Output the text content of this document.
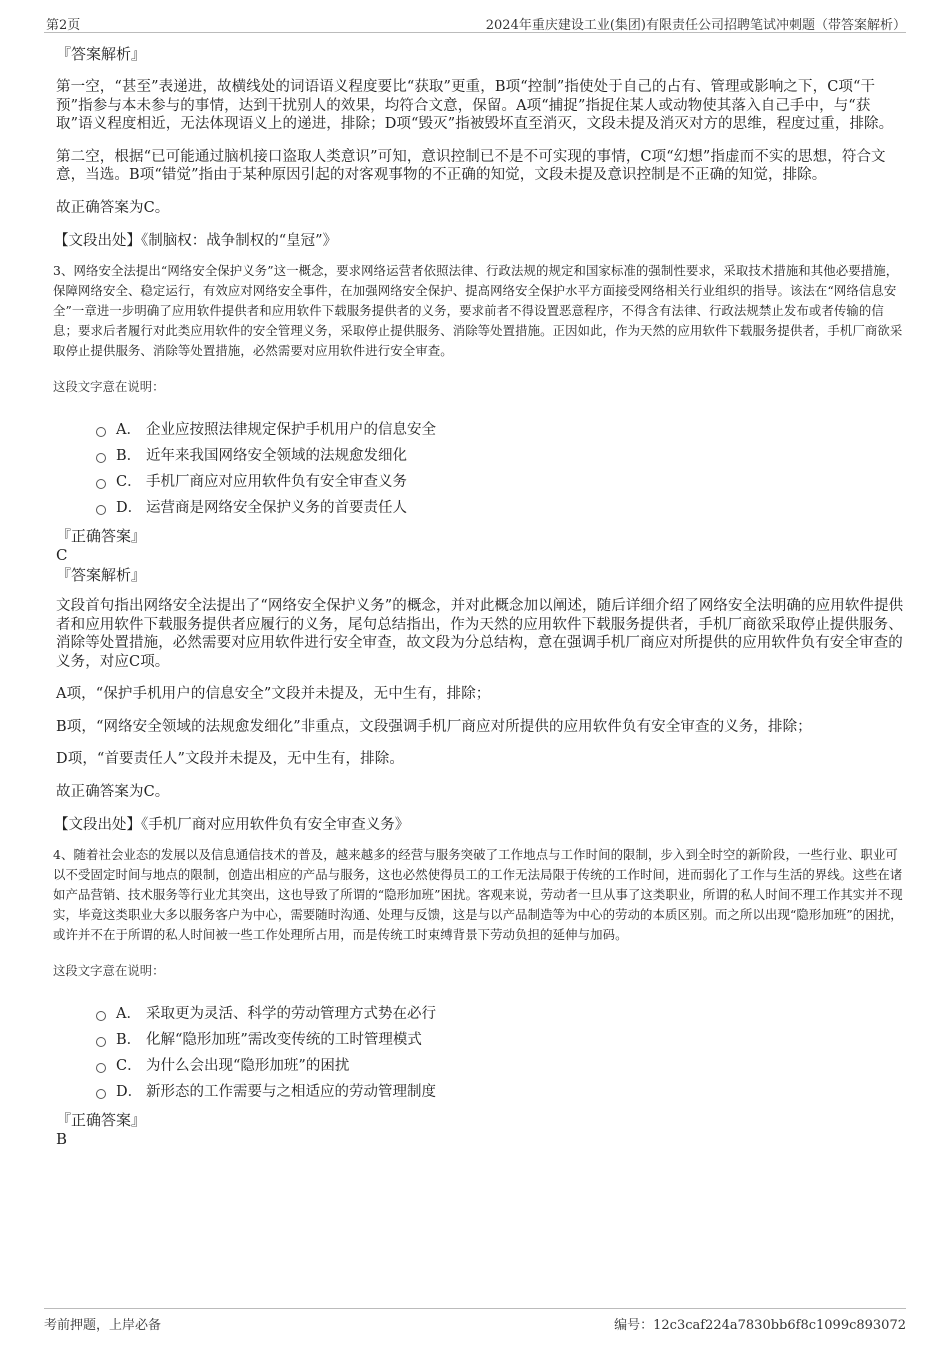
第2页	2024年重庆建设工业(集团)有限责任公司招聘笔试冲刺题（带答案解析）

『答案解析』

第一空，“甚至”表递进，故横线处的词语语义程度要比“获取”更重，B项“控制”指使处于自己的占有、管理或影响之下，C项“干预”指参与本未参与的事情，达到干扰别人的效果，均符合文意，保留。A项“捕捉”指捉住某人或动物使其落入自己手中，与“获取”语义程度相近，无法体现语义上的递进，排除；D项“毁灭”指被毁坏直至消灭，文段未提及消灭对方的思维，程度过重，排除。

第二空，根据“已可能通过脑机接口盗取人类意识”可知，意识控制已不是不可实现的事情，C项“幻想”指虚而不实的思想，符合文意，当选。B项“错觉”指由于某种原因引起的对客观事物的不正确的知觉，文段未提及意识控制是不正确的知觉，排除。

故正确答案为C。

【文段出处】《制脑权：战争制权的“皇冠”》

3、网络安全法提出“网络安全保护义务”这一概念，要求网络运营者依照法律、行政法规的规定和国家标准的强制性要求，采取技术措施和其他必要措施，保障网络安全、稳定运行，有效应对网络安全事件，在加强网络安全保护、提高网络安全保护水平方面接受网络相关行业组织的指导。该法在“网络信息安全”一章进一步明确了应用软件提供者和应用软件下载服务提供者的义务，要求前者不得设置恶意程序，不得含有法律、行政法规禁止发布或者传输的信息；要求后者履行对此类应用软件的安全管理义务，采取停止提供服务、消除等处置措施。正因如此，作为天然的应用软件下载服务提供者，手机厂商欲采取停止提供服务、消除等处置措施，必然需要对应用软件进行安全审查。

这段文字意在说明：

A． 企业应按照法律规定保护手机用户的信息安全
B． 近年来我国网络安全领域的法规愈发细化
C． 手机厂商应对应用软件负有安全审查义务
D． 运营商是网络安全保护义务的首要责任人

『正确答案』

C

『答案解析』

文段首句指出网络安全法提出了“网络安全保护义务”的概念，并对此概念加以阐述，随后详细介绍了网络安全法明确的应用软件提供者和应用软件下载服务提供者应履行的义务，尾句总结指出，作为天然的应用软件下载服务提供者，手机厂商欲采取停止提供服务、消除等处置措施，必然需要对应用软件进行安全审查，故文段为分总结构，意在强调手机厂商应对所提供的应用软件负有安全审查的义务，对应C项。

A项，“保护手机用户的信息安全”文段并未提及，无中生有，排除；

B项，“网络安全领域的法规愈发细化”非重点，文段强调手机厂商应对所提供的应用软件负有安全审查的义务，排除；

D项，“首要责任人”文段并未提及，无中生有，排除。

故正确答案为C。

【文段出处】《手机厂商对应用软件负有安全审查义务》

4、随着社会业态的发展以及信息通信技术的普及，越来越多的经营与服务突破了工作地点与工作时间的限制，步入到全时空的新阶段，一些行业、职业可以不受固定时间与地点的限制，创造出相应的产品与服务，这也必然使得员工的工作无法局限于传统的工作时间，进而弱化了工作与生活的界线。这些在诸如产品营销、技术服务等行业尤其突出，这也导致了所谓的“隐形加班”困扰。客观来说，劳动者一旦从事了这类职业，所谓的私人时间不理工作其实并不现实，毕竟这类职业大多以服务客户为中心，需要随时沟通、处理与反馈，这是与以产品制造等为中心的劳动的本质区别。而之所以出现“隐形加班”的困扰，或许并不在于所谓的私人时间被一些工作处理所占用，而是传统工时束缚背景下劳动负担的延伸与加码。

这段文字意在说明：

A． 采取更为灵活、科学的劳动管理方式势在必行
B． 化解“隐形加班”需改变传统的工时管理模式
C． 为什么会出现“隐形加班”的困扰
D． 新形态的工作需要与之相适应的劳动管理制度

『正确答案』

B

考前押题，上岸必备	编号：12c3caf224a7830bb6f8c1099c893072
